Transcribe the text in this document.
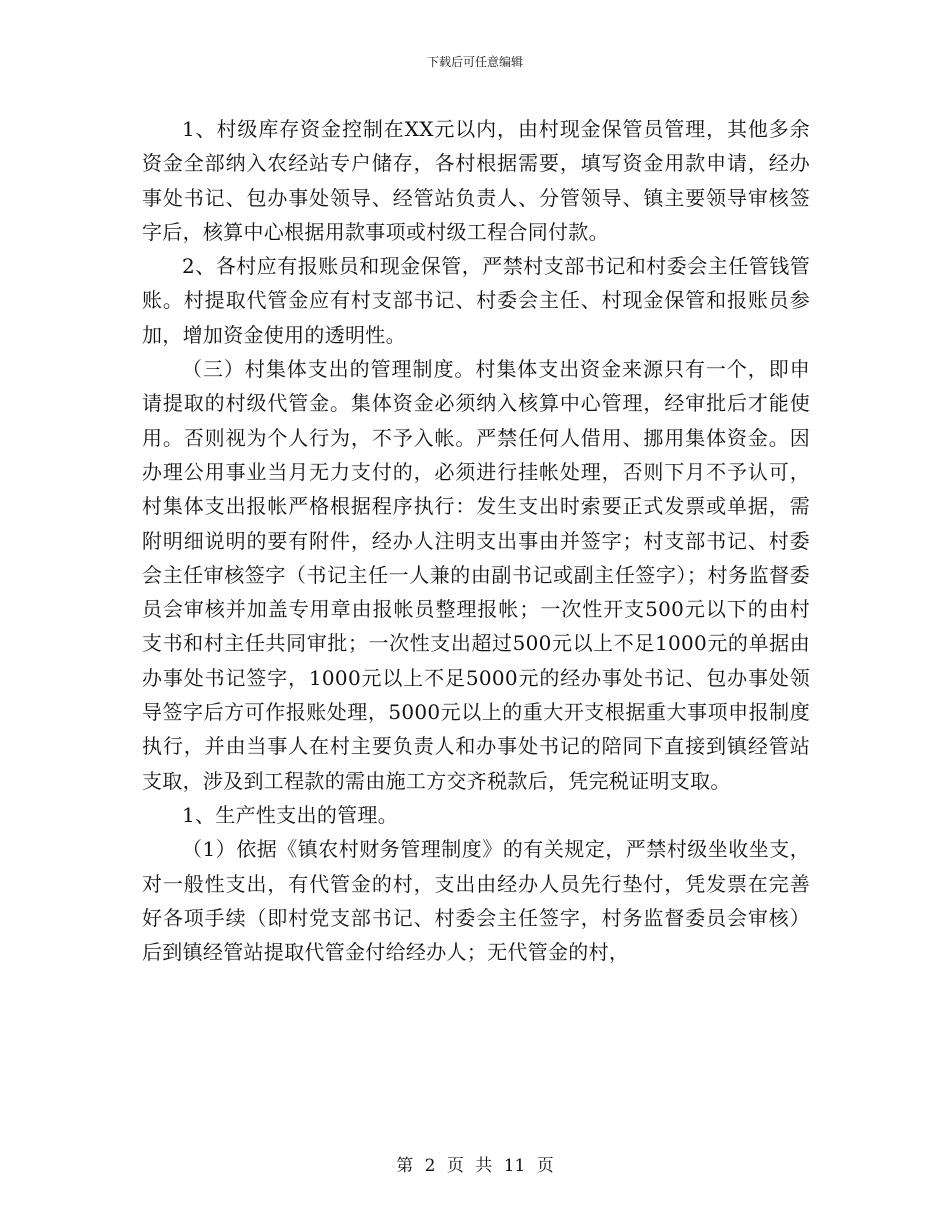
下载后可任意编辑

1、村级库存资金控制在XX元以内，由村现金保管员管理，其他多余资金全部纳入农经站专户储存，各村根据需要，填写资金用款申请，经办事处书记、包办事处领导、经管站负责人、分管领导、镇主要领导审核签字后，核算中心根据用款事项或村级工程合同付款。

2、各村应有报账员和现金保管，严禁村支部书记和村委会主任管钱管账。村提取代管金应有村支部书记、村委会主任、村现金保管和报账员参加，增加资金使用的透明性。

（三）村集体支出的管理制度。村集体支出资金来源只有一个，即申请提取的村级代管金。集体资金必须纳入核算中心管理，经审批后才能使用。否则视为个人行为，不予入帐。严禁任何人借用、挪用集体资金。因办理公用事业当月无力支付的，必须进行挂帐处理，否则下月不予认可，村集体支出报帐严格根据程序执行：发生支出时索要正式发票或单据，需附明细说明的要有附件，经办人注明支出事由并签字；村支部书记、村委会主任审核签字（书记主任一人兼的由副书记或副主任签字）；村务监督委员会审核并加盖专用章由报帐员整理报帐；一次性开支500元以下的由村支书和村主任共同审批；一次性支出超过500元以上不足1000元的单据由办事处书记签字，1000元以上不足5000元的经办事处书记、包办事处领导签字后方可作报账处理，5000元以上的重大开支根据重大事项申报制度执行，并由当事人在村主要负责人和办事处书记的陪同下直接到镇经管站支取，涉及到工程款的需由施工方交齐税款后，凭完税证明支取。

1、生产性支出的管理。

（1）依据《镇农村财务管理制度》的有关规定，严禁村级坐收坐支，对一般性支出，有代管金的村，支出由经办人员先行垫付，凭发票在完善好各项手续（即村党支部书记、村委会主任签字，村务监督委员会审核）后到镇经管站提取代管金付给经办人；无代管金的村，

第 2 页 共 11 页
